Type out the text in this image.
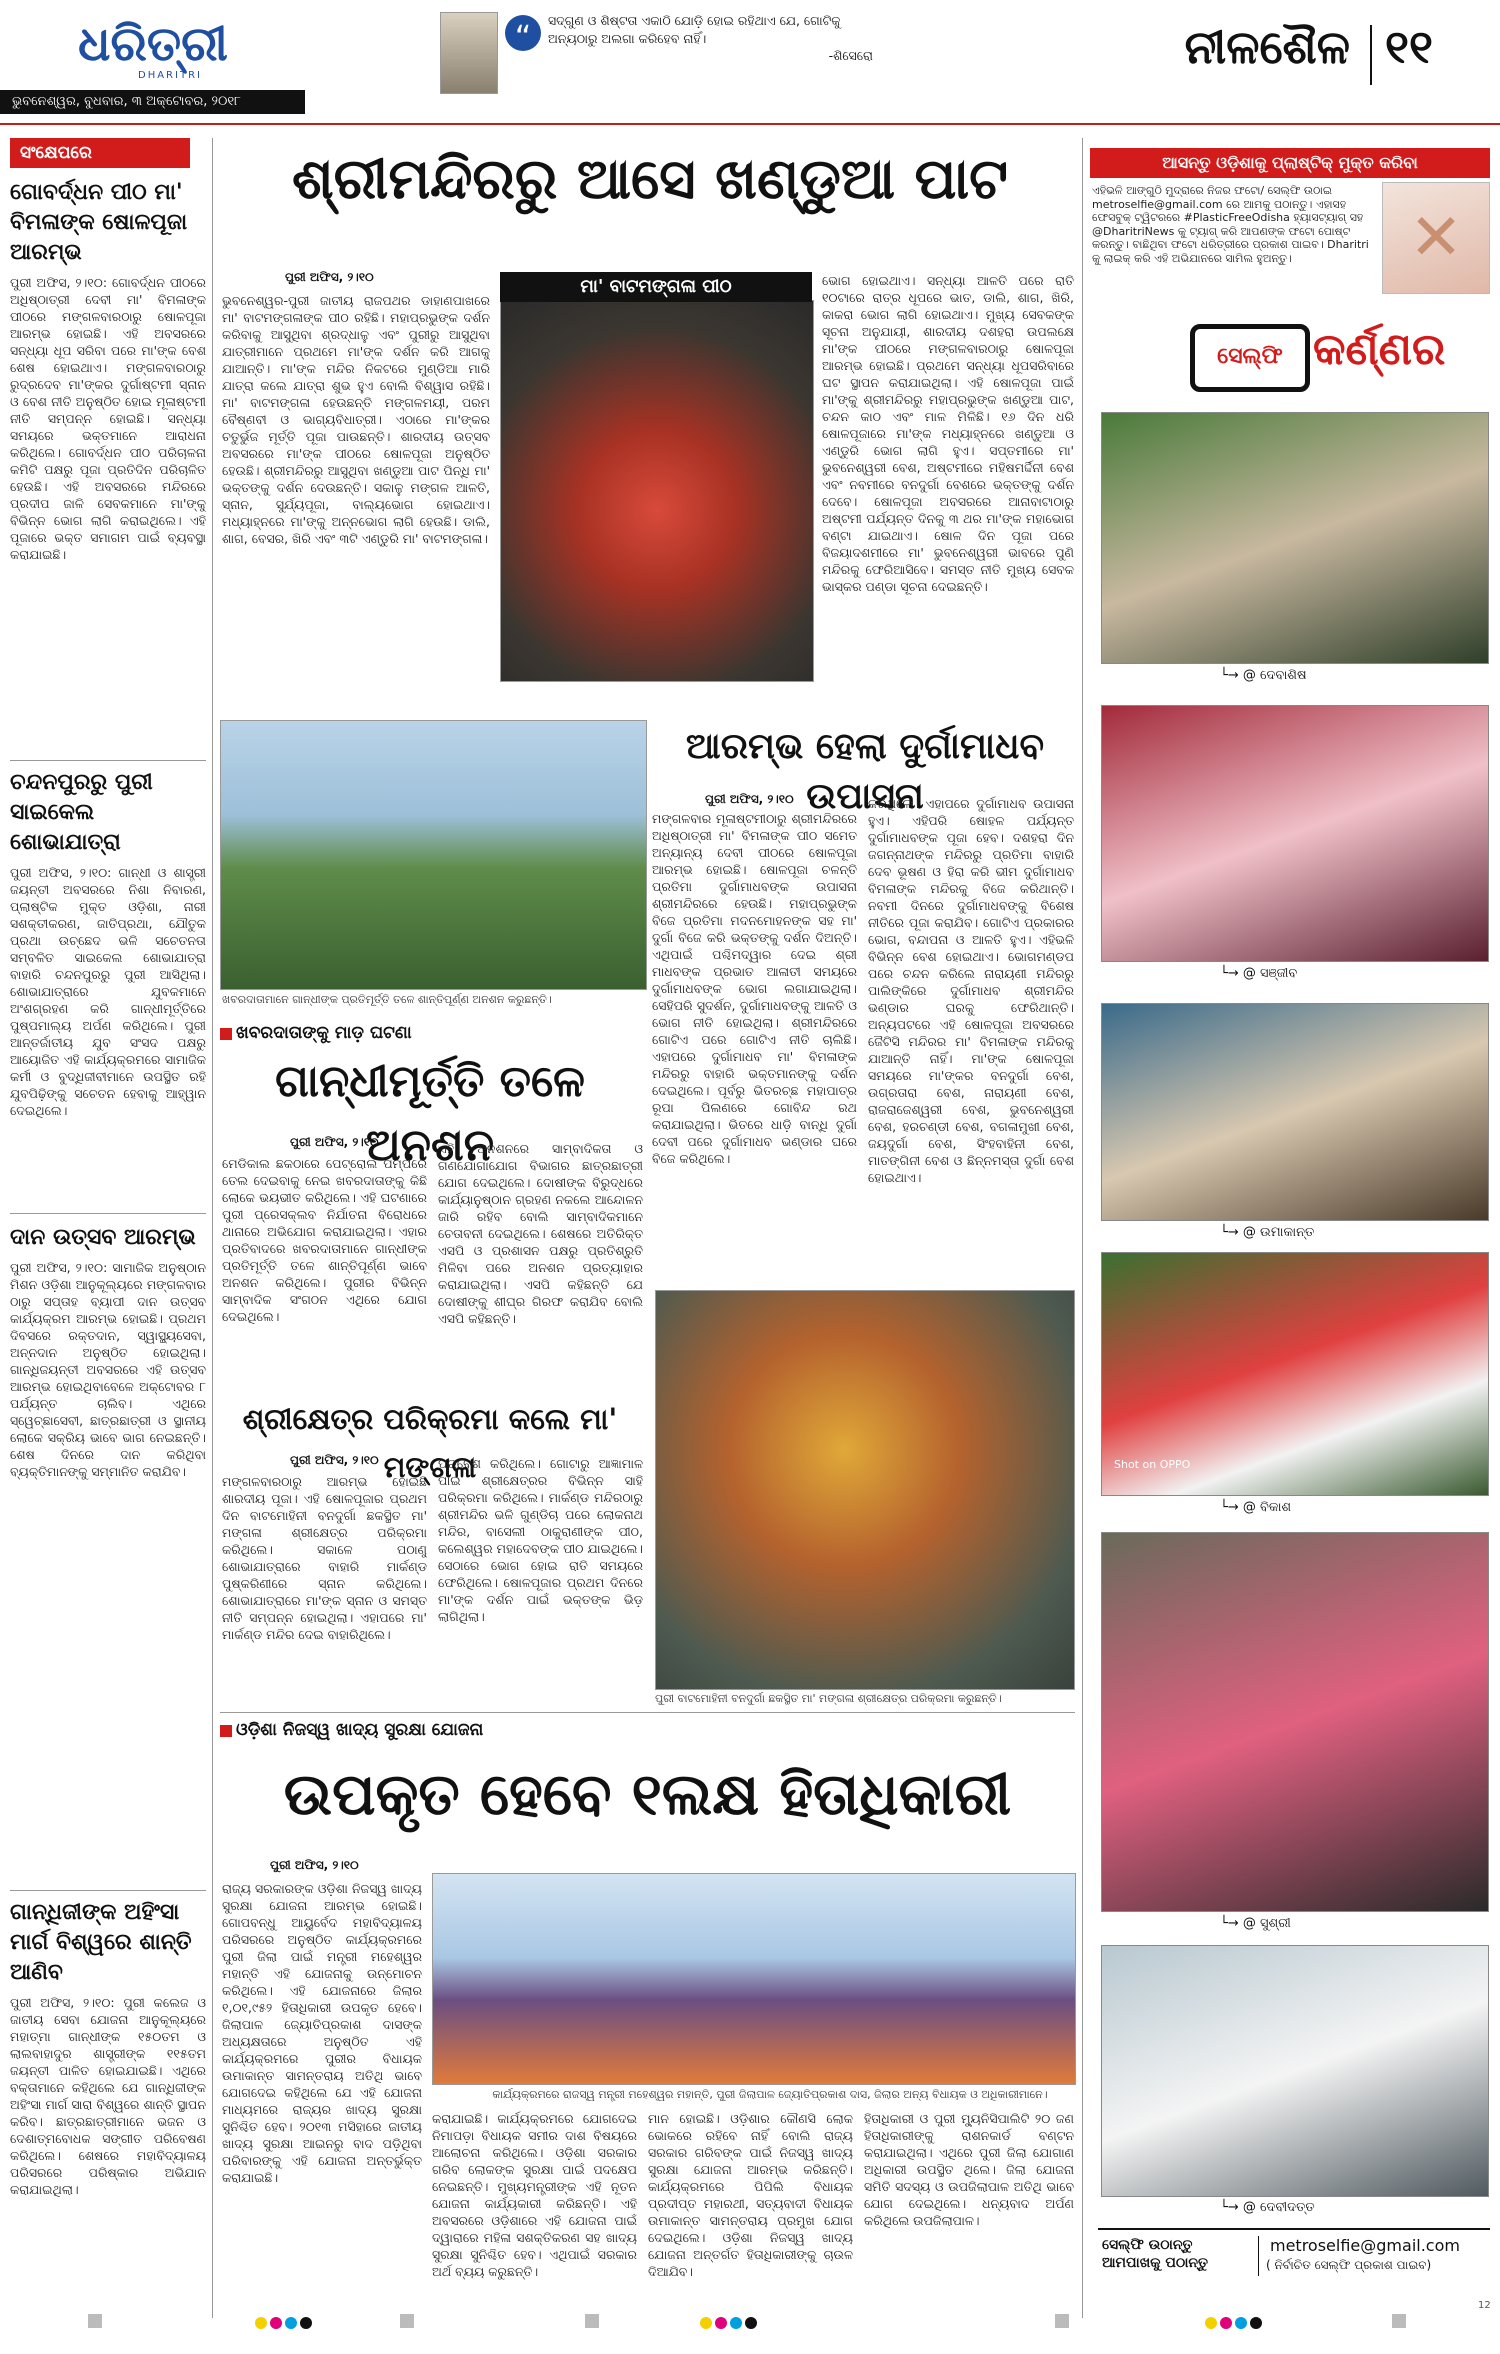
ଧରିତ୍ରୀ
DHARITRI
ଭୁବନେଶ୍ୱର, ବୁଧବାର, ୩ ଅକ୍ଟୋବର, ୨୦୧୮
“	ସଦ୍‌ଗୁଣ ଓ ଶିଷ୍ଟତା ଏକାଠି ଯୋଡ଼ି ହୋଇ ରହିଥାଏ ଯେ, ଗୋଟିକୁ ଅନ୍ୟଠାରୁ ଅଲଗା କରିହେବ ନାହିଁ।
-ଶିସେରୋ	ନୀଳଶୈଳ ୧୧
ସଂକ୍ଷେପରେ
ଗୋବର୍ଦ୍ଧନ ପୀଠ ମା' ବିମଳାଙ୍କ ଷୋଳପୂଜା ଆରମ୍ଭ
ପୁରୀ ଅଫିସ, ୨।୧୦: ଗୋବର୍ଦ୍ଧନ ପୀଠରେ ଅଧିଷ୍ଠାତ୍ରୀ ଦେବୀ ମା' ବିମଳାଙ୍କ ପୀଠରେ ମଙ୍ଗଳବାରଠାରୁ ଷୋଳପୂଜା ଆରମ୍ଭ ହୋଇଛି। ଏହି ଅବସରରେ ସନ୍ଧ୍ୟା ଧୂପ ସରିବା ପରେ ମା'ଙ୍କ ବେଶ ଶେଷ ହୋଇଥାଏ। ମଙ୍ଗଳବାରଠାରୁ ରୁଦ୍ରଦେବ ମା'ଙ୍କର ଦୁର୍ଗାଷ୍ଟମୀ ସ୍ନାନ ଓ ବେଶ ନୀତି ଅନୁଷ୍ଠିତ ହୋଇ ମୂଳାଷ୍ଟମୀ ନୀତି ସମ୍ପନ୍ନ ହୋଇଛି। ସନ୍ଧ୍ୟା ସମୟରେ ଭକ୍ତମାନେ ଆରାଧନା କରିଥିଲେ। ଗୋବର୍ଦ୍ଧନ ପୀଠ ପରିଚାଳନା କମିଟି ପକ୍ଷରୁ ପୂଜା ପ୍ରତିଦିନ ପରିଚାଳିତ ହେଉଛି। ଏହି ଅବସରରେ ମନ୍ଦିରରେ ପ୍ରଦୀପ ଜାଳି ସେବକମାନେ ମା'ଙ୍କୁ ବିଭିନ୍ନ ଭୋଗ ଲାଗି କରାଇଥିଲେ। ଏହି ପୂଜାରେ ଭକ୍ତ ସମାଗମ ପାଇଁ ବ୍ୟବସ୍ଥା କରାଯାଇଛି।
ଚନ୍ଦନପୁରରୁ ପୁରୀ ସାଇକେଲ ଶୋଭାଯାତ୍ରା
ପୁରୀ ଅଫିସ, ୨।୧୦: ଗାନ୍ଧୀ ଓ ଶାସ୍ତ୍ରୀ ଜୟନ୍ତୀ ଅବସରରେ ନିଶା ନିବାରଣ, ପ୍ଲାଷ୍ଟିକ ମୁକ୍ତ ଓଡ଼ିଶା, ନାରୀ ସଶକ୍ତୀକରଣ, ଜାତିପ୍ରଥା, ଯୌତୁକ ପ୍ରଥା ଉଚ୍ଛେଦ ଭଳି ସଚେତନତା ସମ୍ବଳିତ ସାଇକେଲ ଶୋଭାଯାତ୍ରା ବାହାରି ଚନ୍ଦନପୁରରୁ ପୁରୀ ଆସିଥିଲା। ଶୋଭାଯାତ୍ରାରେ ଯୁବକମାନେ ଅଂଶଗ୍ରହଣ କରି ଗାନ୍ଧୀମୂର୍ତ୍ତିରେ ପୁଷ୍ପମାଲ୍ୟ ଅର୍ପଣ କରିଥିଲେ। ପୁରୀ ଆନ୍ତର୍ଜାତୀୟ ଯୁବ ସଂସଦ ପକ୍ଷରୁ ଆୟୋଜିତ ଏହି କାର୍ଯ୍ୟକ୍ରମରେ ସାମାଜିକ କର୍ମୀ ଓ ବୁଦ୍ଧିଜୀବୀମାନେ ଉପସ୍ଥିତ ରହି ଯୁବପିଢ଼ିଙ୍କୁ ସଚେତନ ହେବାକୁ ଆହ୍ୱାନ ଦେଇଥିଲେ।
ଦାନ ଉତ୍ସବ ଆରମ୍ଭ
ପୁରୀ ଅଫିସ, ୨।୧୦: ସାମାଜିକ ଅନୁଷ୍ଠାନ ମିଶନ ଓଡ଼ିଶା ଆନୁକୂଲ୍ୟରେ ମଙ୍ଗଳବାର ଠାରୁ ସପ୍ତାହ ବ୍ୟାପୀ ଦାନ ଉତ୍ସବ କାର୍ଯ୍ୟକ୍ରମ ଆରମ୍ଭ ହୋଇଛି। ପ୍ରଥମ ଦିବସରେ ରକ୍ତଦାନ, ସ୍ୱାସ୍ଥ୍ୟସେବା, ଅନ୍ନଦାନ ଅନୁଷ୍ଠିତ ହୋଇଥିଲା। ଗାନ୍ଧିଜୟନ୍ତୀ ଅବସରରେ ଏହି ଉତ୍ସବ ଆରମ୍ଭ ହୋଇଥିବାବେଳେ ଅକ୍ଟୋବର ୮ ପର୍ଯ୍ୟନ୍ତ ଚାଲିବ। ଏଥିରେ ସ୍ୱେଚ୍ଛାସେବୀ, ଛାତ୍ରଛାତ୍ରୀ ଓ ସ୍ଥାନୀୟ ଲୋକେ ସକ୍ରିୟ ଭାବେ ଭାଗ ନେଇଛନ୍ତି। ଶେଷ ଦିନରେ ଦାନ କରିଥିବା ବ୍ୟକ୍ତିମାନଙ୍କୁ ସମ୍ମାନିତ କରାଯିବ।
ଗାନ୍ଧିଜୀଙ୍କ ଅହିଂସା ମାର୍ଗ ବିଶ୍ୱରେ ଶାନ୍ତି ଆଣିବ
ପୁରୀ ଅଫିସ, ୨।୧୦: ପୁରୀ କଲେଜ ଓ ଜାତୀୟ ସେବା ଯୋଜନା ଆନୁକୂଲ୍ୟରେ ମହାତ୍ମା ଗାନ୍ଧୀଙ୍କ ୧୫୦ତମ ଓ ଲାଲବାହାଦୁର ଶାସ୍ତ୍ରୀଙ୍କ ୧୧୫ତମ ଜୟନ୍ତୀ ପାଳିତ ହୋଇଯାଇଛି। ଏଥିରେ ବକ୍ତାମାନେ କହିଥିଲେ ଯେ ଗାନ୍ଧିଜୀଙ୍କ ଅହିଂସା ମାର୍ଗ ସାରା ବିଶ୍ୱରେ ଶାନ୍ତି ସ୍ଥାପନ କରିବ। ଛାତ୍ରଛାତ୍ରୀମାନେ ଭଜନ ଓ ଦେଶାତ୍ମବୋଧକ ସଙ୍ଗୀତ ପରିବେଷଣ କରିଥିଲେ। ଶେଷରେ ମହାବିଦ୍ୟାଳୟ ପରିସରରେ ପରିଷ୍କାର ଅଭିଯାନ କରାଯାଇଥିଲା।
ଶ୍ରୀମନ୍ଦିରରୁ ଆସେ ଖଣ୍ଡୁଆ ପାଟ
ପୁରୀ ଅଫିସ, ୨।୧୦
ଭୁବନେଶ୍ୱର-ପୁରୀ ଜାତୀୟ ରାଜପଥର ଡାହାଣପାଖରେ ମା' ବାଟମଙ୍ଗଳାଙ୍କ ପୀଠ ରହିଛି। ମହାପ୍ରଭୁଙ୍କ ଦର୍ଶନ କରିବାକୁ ଆସୁଥିବା ଶ୍ରଦ୍ଧାଳୁ ଏବଂ ପୁରୀରୁ ଆସୁଥିବା ଯାତ୍ରୀମାନେ ପ୍ରଥମେ ମା'ଙ୍କ ଦର୍ଶନ କରି ଆଗକୁ ଯାଆନ୍ତି। ମା'ଙ୍କ ମନ୍ଦିର ନିକଟରେ ମୁଣ୍ଡିଆ ମାରି ଯାତ୍ରା କଲେ ଯାତ୍ରା ଶୁଭ ହୁଏ ବୋଲି ବିଶ୍ୱାସ ରହିଛି। ମା' ବାଟମଙ୍ଗଳା ହେଉଛନ୍ତି ମଙ୍ଗଳମୟୀ, ପରମ ବୈଷ୍ଣବୀ ଓ ଭାଗ୍ୟବିଧାତ୍ରୀ। ଏଠାରେ ମା'ଙ୍କର ଚତୁର୍ଭୁଜ ମୂର୍ତ୍ତି ପୂଜା ପାଉଛନ୍ତି। ଶାରଦୀୟ ଉତ୍ସବ ଅବସରରେ ମା'ଙ୍କ ପୀଠରେ ଷୋଳପୂଜା ଅନୁଷ୍ଠିତ ହେଉଛି। ଶ୍ରୀମନ୍ଦିରରୁ ଆସୁଥିବା ଖଣ୍ଡୁଆ ପାଟ ପିନ୍ଧି ମା' ଭକ୍ତଙ୍କୁ ଦର୍ଶନ ଦେଉଛନ୍ତି। ସକାଳୁ ମଙ୍ଗଳ ଆଳତି, ସ୍ନାନ, ସୁର୍ଯ୍ୟପୂଜା, ବାଲ୍ୟଭୋଗ ହୋଇଥାଏ। ମଧ୍ୟାହ୍ନରେ ମା'ଙ୍କୁ ଅନ୍ନଭୋଗ ଲାଗି ହେଉଛି। ଡାଲି, ଶାଗ, ବେସର, ଖିରି ଏବଂ ୩ଟି ଏଣ୍ଡୁରି ମା' ବାଟମଙ୍ଗଳା।
ମା' ବାଟମଙ୍ଗଳା ପୀଠ	ଭୋଗ ହୋଇଥାଏ। ସନ୍ଧ୍ୟା ଆଳତି ପରେ ରାତି ୧୦ଟାରେ ରାତ୍ର ଧୂପରେ ଭାତ, ଡାଲି, ଶାଗ, ଖିରି, କାକରା ଭୋଗ ଲାଗି ହୋଇଥାଏ। ମୁଖ୍ୟ ସେବକଙ୍କ ସୂଚନା ଅନୁଯାୟୀ, ଶାରଦୀୟ ଦଶହରା ଉପଲକ୍ଷେ ମା'ଙ୍କ ପୀଠରେ ମଙ୍ଗଳବାରଠାରୁ ଷୋଳପୂଜା ଆରମ୍ଭ ହୋଇଛି। ପ୍ରଥମେ ସନ୍ଧ୍ୟା ଧୂପସରିବାରେ ଘଟ ସ୍ଥାପନ କରାଯାଇଥିଲା। ଏହି ଷୋଳପୂଜା ପାଇଁ ମା'ଙ୍କୁ ଶ୍ରୀମନ୍ଦିରରୁ ମହାପ୍ରଭୁଙ୍କ ଖଣ୍ଡୁଆ ପାଟ, ଚନ୍ଦନ କାଠ ଏବଂ ମାଳ ମିଳିଛି। ୧୬ ଦିନ ଧରି ଷୋଳପୂଜାରେ ମା'ଙ୍କ ମଧ୍ୟାହ୍ନରେ ଖଣ୍ଡୁଆ ଓ ଏଣ୍ଡୁରି ଭୋଗ ଲାଗି ହୁଏ। ସପ୍ତମୀରେ ମା' ଭୁବନେଶ୍ୱରୀ ବେଶ, ଅଷ୍ଟମୀରେ ମହିଷମର୍ଦ୍ଦିନୀ ବେଶ ଏବଂ ନବମୀରେ ବନଦୁର୍ଗା ବେଶରେ ଭକ୍ତଙ୍କୁ ଦର୍ଶନ ଦେବେ। ଷୋଳପୂଜା ଅବସରରେ ଆନାବାଟାଠାରୁ ଅଷ୍ଟମୀ ପର୍ଯ୍ୟନ୍ତ ଦିନକୁ ୩ ଥର ମା'ଙ୍କ ମହାଭୋଗ ବଣ୍ଟା ଯାଇଥାଏ। ଷୋଳ ଦିନ ପୂଜା ପରେ ବିଜୟାଦଶମୀରେ ମା' ଭୁବନେଶ୍ୱରୀ ଭାବରେ ପୁଣି ମନ୍ଦିରକୁ ଫେରିଆସିବେ। ସମସ୍ତ ନୀତି ମୁଖ୍ୟ ସେବକ ଭାସ୍କର ପଣ୍ଡା ସୂଚନା ଦେଇଛନ୍ତି।
ଖବରଦାତାମାନେ ଗାନ୍ଧୀଙ୍କ ପ୍ରତିମୂର୍ତ୍ତି ତଳେ ଶାନ୍ତିପୂର୍ଣ୍ଣ ଅନଶନ କରୁଛନ୍ତି।
ଆରମ୍ଭ ହେଲା ଦୁର୍ଗାମାଧବ ଉପାସନା
ପୁରୀ ଅଫିସ, ୨।୧୦
ମଙ୍ଗଳବାର ମୂଳାଷ୍ଟମୀଠାରୁ ଶ୍ରୀମନ୍ଦିରରେ ଅଧିଷ୍ଠାତ୍ରୀ ମା' ବିମଳାଙ୍କ ପୀଠ ସମେତ ଅନ୍ୟାନ୍ୟ ଦେବୀ ପୀଠରେ ଷୋଳପୂଜା ଆରମ୍ଭ ହୋଇଛି। ଷୋଳପୂଜା ଚଳନ୍ତି ପ୍ରତିମା ଦୁର୍ଗାମାଧବଙ୍କ ଉପାସନା ଶ୍ରୀମନ୍ଦିରରେ ହେଉଛି। ମହାପ୍ରଭୁଙ୍କ ବିଜେ ପ୍ରତିମା ମଦନମୋହନଙ୍କ ସହ ମା' ଦୁର୍ଗା ବିଜେ କରି ଭକ୍ତଙ୍କୁ ଦର୍ଶନ ଦିଅନ୍ତି। ଏଥିପାଇଁ ପଶ୍ଚିମଦ୍ୱାର ଦେଇ ଶ୍ରୀ ମାଧବଙ୍କ ପ୍ରଭାତ ଆଳାତୀ ସମୟରେ ଦୁର୍ଗାମାଧବଙ୍କ ଭୋଗ ଲଗାଯାଇଥିଲା। ସେହିପରି ସୁଦର୍ଶନ, ଦୁର୍ଗାମାଧବଙ୍କୁ ଆଳତି ଓ ଭୋଗ ନୀତି ହୋଇଥିଲା। ଶ୍ରୀମନ୍ଦିରରେ ଗୋଟିଏ ପରେ ଗୋଟିଏ ନୀତି ଚାଲିଛି। ଏହାପରେ ଦୁର୍ଗାମାଧବ ମା' ବିମଳାଙ୍କ ମନ୍ଦିରରୁ ବାହାରି ଭକ୍ତମାନଙ୍କୁ ଦର୍ଶନ ଦେଇଥିଲେ। ପୂର୍ବରୁ ଭିତରଚ୍ଛ ମହାପାତ୍ର ରୂପା ପିଲଣରେ ଗୋବିନ୍ଦ ରଥ କରାଯାଇଥିଲା। ଭିତରେ ଧାଡ଼ି ବାନ୍ଧି ଦୁର୍ଗା ଦେବୀ ପରେ ଦୁର୍ଗାମାଧବ ଭଣ୍ଡାର ଘରେ ବିଜେ କରିଥିଲେ।
କରିଥିଲେ। ଏହାପରେ ଦୁର୍ଗାମାଧବ ଉପାସନା ହୁଏ। ଏହିପରି ଷୋହଳ ପର୍ଯ୍ୟନ୍ତ ଦୁର୍ଗାମାଧବଙ୍କ ପୂଜା ହେବ। ଦଶହରା ଦିନ ଜଗନ୍ନାଥଙ୍କ ମନ୍ଦିରରୁ ପ୍ରତିମା ବାହାରି ଦେବ ଭୂଷଣ ଓ ହିରା କରି ଭୀମ ଦୁର୍ଗାମାଧବ ବିମଳାଙ୍କ ମନ୍ଦିରକୁ ବିଜେ କରିଥାନ୍ତି। ନବମୀ ଦିନରେ ଦୁର୍ଗାମାଧବଙ୍କୁ ବିଶେଷ ନୀତିରେ ପୂଜା କରାଯିବ। ଗୋଟିଏ ପ୍ରକାରର ଭୋଗ, ବନ୍ଦାପନା ଓ ଆଳତି ହୁଏ। ଏହିଭଳି ବିଭିନ୍ନ ବେଶ ହୋଇଥାଏ। ଭୋଗମଣ୍ଡପ ପରେ ଚନ୍ଦନ କରିଲେ ନାରାୟଣୀ ମନ୍ଦିରରୁ ପାଲିଙ୍କିରେ ଦୁର୍ଗାମାଧବ ଶ୍ରୀମନ୍ଦିର ଭଣ୍ଡାର ଘରକୁ ଫେରିଥାନ୍ତି। ଅନ୍ୟପଟରେ ଏହି ଷୋଳପୂଜା ଅବସରରେ ଜୈଟିସି ମନ୍ଦିରର ମା' ବିମଳାଙ୍କ ମନ୍ଦିରକୁ ଯାଆନ୍ତି ନାହିଁ। ମା'ଙ୍କ ଷୋଳପୂଜା ସମୟରେ ମା'ଙ୍କର ବନଦୁର୍ଗା ବେଶ, ଉଗ୍ରତାରା ବେଶ, ନାରାୟଣୀ ବେଶ, ରାଜରାଜେଶ୍ୱରୀ ବେଶ, ଭୁବନେଶ୍ୱରୀ ବେଶ, ହରଚଣ୍ଡୀ ବେଶ, ବଗଳାମୁଖୀ ବେଶ, ଜୟଦୁର୍ଗା ବେଶ, ସିଂହବାହିନୀ ବେଶ, ମାତଙ୍ଗିନୀ ବେଶ ଓ ଛିନ୍ନମସ୍ତା ଦୁର୍ଗା ବେଶ ହୋଇଥାଏ।
ଖବରଦାତାଙ୍କୁ ମାଡ଼ ଘଟଣା
ଗାନ୍ଧୀମୂର୍ତ୍ତି ତଳେ ଅନଶନ
ପୁରୀ ଅଫିସ, ୨।୧୦
ମେଡିକାଲ ଛକଠାରେ ପେଟ୍ରୋଲ ପମ୍ପରେ ତେଲ ଦେଇବାକୁ ନେଇ ଖବରଦାତାଙ୍କୁ କିଛି ଲୋକେ ଭୟଭୀତ କରିଥିଲେ। ଏହି ଘଟଣାରେ ପୁରୀ ପ୍ରେସକ୍ଲବ ନିର୍ଯାତନା ବିରୋଧରେ ଥାନାରେ ଅଭିଯୋଗ କରାଯାଇଥିଲା। ଏହାର ପ୍ରତିବାଦରେ ଖବରଦାତାମାନେ ଗାନ୍ଧୀଙ୍କ ପ୍ରତିମୂର୍ତ୍ତି ତଳେ ଶାନ୍ତିପୂର୍ଣ୍ଣ ଭାବେ ଅନଶନ କରିଥିଲେ। ପୁରୀର ବିଭିନ୍ନ ସାମ୍ବାଦିକ ସଂଗଠନ ଏଥିରେ ଯୋଗ ଦେଇଥିଲେ।
ଏହି ଅନଶନରେ ସାମ୍ବାଦିକତା ଓ ଗଣଯୋଗାଯୋଗ ବିଭାଗର ଛାତ୍ରଛାତ୍ରୀ ଯୋଗ ଦେଇଥିଲେ। ଦୋଷୀଙ୍କ ବିରୁଦ୍ଧରେ କାର୍ଯ୍ୟାନୁଷ୍ଠାନ ଗ୍ରହଣ ନକଲେ ଆନ୍ଦୋଳନ ଜାରି ରହିବ ବୋଲି ସାମ୍ବାଦିକମାନେ ଚେତାବନୀ ଦେଇଥିଲେ। ଶେଷରେ ଅତିରିକ୍ତ ଏସପି ଓ ପ୍ରଶାସନ ପକ୍ଷରୁ ପ୍ରତିଶ୍ରୁତି ମିଳିବା ପରେ ଅନଶନ ପ୍ରତ୍ୟାହାର କରାଯାଇଥିଲା। ଏସପି କହିଛନ୍ତି ଯେ ଦୋଷୀଙ୍କୁ ଶୀଘ୍ର ଗିରଫ କରାଯିବ ବୋଲି ଏସପି କହିଛନ୍ତି।
ଶ୍ରୀକ୍ଷେତ୍ର ପରିକ୍ରମା କଲେ ମା' ମଙ୍ଗଳା
ପୁରୀ ଅଫିସ, ୨।୧୦
ମଙ୍ଗଳବାରଠାରୁ ଆରମ୍ଭ ହୋଇଛି ଶାରଦୀୟ ପୂଜା। ଏହି ଷୋଳପୂଜାର ପ୍ରଥମ ଦିନ ବାଟମୋହିନୀ ବନଦୁର୍ଗା ଛକସ୍ଥିତ ମା' ମଙ୍ଗଳା ଶ୍ରୀକ୍ଷେତ୍ର ପରିକ୍ରମା କରିଥିଲେ। ସକାଳେ ପଠାଣୁ ଶୋଭାଯାତ୍ରାରେ ବାହାରି ମାର୍କଣ୍ଡ ପୁଷ୍କରିଣୀରେ ସ୍ନାନ କରିଥିଲେ। ଶୋଭାଯାତ୍ରାରେ ମା'ଙ୍କ ସ୍ନାନ ଓ ସମସ୍ତ ନୀତି ସମ୍ପନ୍ନ ହୋଇଥିଲା। ଏହାପରେ ମା' ମାର୍କଣ୍ଡ ମନ୍ଦିର ଦେଇ ବାହାରିଥିଲେ।
ପ୍ରବେଶ କରିଥିଲେ। ଗୋଟାରୁ ଆଜ୍ଞାମାଳ ପାଇ ଶ୍ରୀକ୍ଷେତ୍ରର ବିଭିନ୍ନ ସାହି ପରିକ୍ରମା କରିଥିଲେ। ମାର୍କଣ୍ଡ ମନ୍ଦିରଠାରୁ ଶ୍ରୀମନ୍ଦିର ଭଳି ଗୁଣ୍ଡିଚା ପରେ ଲୋକନାଥ ମନ୍ଦିର, ବାସେଲୀ ଠାକୁରାଣୀଙ୍କ ପୀଠ, କଲେଶ୍ୱର ମହାଦେବଙ୍କ ପୀଠ ଯାଇଥିଲେ। ସେଠାରେ ଭୋଗ ହୋଇ ରାତି ସମୟରେ ଫେରିଥିଲେ। ଷୋଳପୂଜାର ପ୍ରଥମ ଦିନରେ ମା'ଙ୍କ ଦର୍ଶନ ପାଇଁ ଭକ୍ତଙ୍କ ଭିଡ଼ ଲାଗିଥିଲା।
ପୁରୀ ବାଟମୋହିନୀ ବନଦୁର୍ଗା ଛକସ୍ଥିତ ମା' ମଙ୍ଗଳା ଶ୍ରୀକ୍ଷେତ୍ର ପରିକ୍ରମା କରୁଛନ୍ତି।
ଓଡ଼ିଶା ନିଜସ୍ୱ ଖାଦ୍ୟ ସୁରକ୍ଷା ଯୋଜନା
ଉପକୃତ ହେବେ ୧ଲକ୍ଷ ହିତାଧିକାରୀ
ପୁରୀ ଅଫିସ, ୨।୧୦
ରାଜ୍ୟ ସରକାରଙ୍କ ଓଡ଼ିଶା ନିଜସ୍ୱ ଖାଦ୍ୟ ସୁରକ୍ଷା ଯୋଜନା ଆରମ୍ଭ ହୋଇଛି। ଗୋପବନ୍ଧୁ ଆୟୁର୍ବେଦ ମହାବିଦ୍ୟାଳୟ ପରିସରରେ ଅନୁଷ୍ଠିତ କାର୍ଯ୍ୟକ୍ରମରେ ପୁରୀ ଜିଲା ପାଇଁ ମନ୍ତ୍ରୀ ମହେଶ୍ୱର ମହାନ୍ତି ଏହି ଯୋଜନାକୁ ଉନ୍ମୋଚନ କରିଥିଲେ। ଏହି ଯୋଜନାରେ ଜିଲାର ୧,୦୧,୯୫୨ ହିତାଧିକାରୀ ଉପକୃତ ହେବେ। ଜିଲାପାଳ ଜ୍ୟୋତିପ୍ରକାଶ ଦାସଙ୍କ ଅଧ୍ୟକ୍ଷତାରେ ଅନୁଷ୍ଠିତ ଏହି କାର୍ଯ୍ୟକ୍ରମରେ ପୁରୀର ବିଧାୟକ ଉମାକାନ୍ତ ସାମନ୍ତରାୟ ଅତିଥି ଭାବେ ଯୋଗଦେଇ କହିଥିଲେ ଯେ ଏହି ଯୋଜନା ମାଧ୍ୟମରେ ରାଜ୍ୟର ଖାଦ୍ୟ ସୁରକ୍ଷା ସୁନିଶ୍ଚିତ ହେବ। ୨୦୧୩ ମସିହାରେ ଜାତୀୟ ଖାଦ୍ୟ ସୁରକ୍ଷା ଆଇନରୁ ବାଦ ପଡ଼ିଥିବା ପରିବାରଙ୍କୁ ଏହି ଯୋଜନା ଅନ୍ତର୍ଭୁକ୍ତ କରାଯାଇଛି।
କାର୍ଯ୍ୟକ୍ରମରେ ରାଜସ୍ୱ ମନ୍ତ୍ରୀ ମହେଶ୍ୱର ମହାନ୍ତି, ପୁରୀ ଜିଲାପାଳ ଜ୍ୟୋତିପ୍ରକାଶ ଦାସ, ଜିଲାର ଅନ୍ୟ ବିଧାୟକ ଓ ଅଧିକାରୀମାନେ।
କରାଯାଇଛି। କାର୍ଯ୍ୟକ୍ରମରେ ଯୋଗଦେଇ ନିମାପଡ଼ା ବିଧାୟକ ସମୀର ଦାଶ ବିଷୟରେ ଆଲୋଚନା କରିଥିଲେ। ଓଡ଼ିଶା ସରକାର ଗରିବ ଲୋକଙ୍କ ସୁରକ୍ଷା ପାଇଁ ପଦକ୍ଷେପ ନେଇଛନ୍ତି। ମୁଖ୍ୟମନ୍ତ୍ରୀଙ୍କ ଏହି ନୂତନ ଯୋଜନା କାର୍ଯ୍ୟକାରୀ କରିଛନ୍ତି। ଏହି ଅବସରରେ ଓଡ଼ିଶାରେ ଏହି ଯୋଜନା ପାଇଁ ଦ୍ୱାରାରେ ମହିଳା ସଶକ୍ତିକରଣ ସହ ଖାଦ୍ୟ ସୁରକ୍ଷା ସୁନିଶ୍ଚିତ ହେବ। ଏଥିପାଇଁ ସରକାର ଅର୍ଥ ବ୍ୟୟ କରୁଛନ୍ତି।
ମାନ ହୋଇଛି। ଓଡ଼ିଶାର କୌଣସି ଲୋକ ଭୋକରେ ରହିବେ ନାହିଁ ବୋଲି ରାଜ୍ୟ ସରକାର ଗରିବଙ୍କ ପାଇଁ ନିଜସ୍ୱ ଖାଦ୍ୟ ସୁରକ୍ଷା ଯୋଜନା ଆରମ୍ଭ କରିଛନ୍ତି। କାର୍ଯ୍ୟକ୍ରମରେ ପିପିଲି ବିଧାୟକ ପ୍ରଦୀପ୍ତ ମହାରଥୀ, ସତ୍ୟବାଦୀ ବିଧାୟକ ଉମାକାନ୍ତ ସାମନ୍ତରାୟ ପ୍ରମୁଖ ଯୋଗ ଦେଇଥିଲେ। ଓଡ଼ିଶା ନିଜସ୍ୱ ଖାଦ୍ୟ ଯୋଜନା ଅନ୍ତର୍ଗତ ହିତାଧିକାରୀଙ୍କୁ ଚାଉଳ ଦିଆଯିବ।
ହିତାଧିକାରୀ ଓ ପୁରୀ ମ୍ୟୁନିସିପାଲିଟି ୨୦ ଜଣ ହିତାଧିକାରୀଙ୍କୁ ରାଶନକାର୍ଡ ବଣ୍ଟନ କରାଯାଇଥିଲା। ଏଥିରେ ପୁରୀ ଜିଲା ଯୋଗାଣ ଅଧିକାରୀ ଉପସ୍ଥିତ ଥିଲେ। ଜିଲା ଯୋଜନା ସମିତି ସଦସ୍ୟ ଓ ଉପଜିଲାପାଳ ଅତିଥି ଭାବେ ଯୋଗ ଦେଇଥିଲେ। ଧନ୍ୟବାଦ ଅର୍ପଣ କରିଥିଲେ ଉପଜିଲାପାଳ।
ଆସନ୍ତୁ ଓଡ଼ିଶାକୁ ପ୍ଲାଷ୍ଟିକ୍ ମୁକ୍ତ କରିବା
ଏହିଭଳି ଆଙ୍ଗୁଠି ମୁଦ୍ରାରେ ନିଜର ଫଟୋ/ ସେଲ୍‌ଫି ଉଠାଇ metroselfie@gmail.com ରେ ଆମକୁ ପଠାନ୍ତୁ। ଏହାସହ ଫେସବୁକ୍ ଟ୍ୱିଟରରେ #PlasticFreeOdisha ହ୍ୟାସଟ୍ୟାଗ୍ ସହ @DharitriNews କୁ ଟ୍ୟାଗ୍ କରି ଆପଣଙ୍କ ଫଟୋ ପୋଷ୍ଟ କରନ୍ତୁ। ବାଛିଥିବା ଫଟୋ ଧରିତ୍ରୀରେ ପ୍ରକାଶ ପାଇବ। Dharitri କୁ ଲାଇକ୍ କରି ଏହି ଅଭିଯାନରେ ସାମିଲ ହୁଅନ୍ତୁ।	✕
ସେଲ୍‌ଫି କର୍ଣ୍ଣର
└→ @ ଦେବାଶିଷ
└→ @ ସଞ୍ଜୀବ
└→ @ ଉମାକାନ୍ତ
Shot on OPPO
└→ @ ବିକାଶ
└→ @ ସୁଶ୍ରୀ
└→ @ ଦେବୀଦତ୍ତ
ସେଲ୍‌ଫି ଉଠାନ୍ତୁ ଆମପାଖକୁ ପଠାନ୍ତୁ
metroselfie@gmail.com
( ନିର୍ବାଚିତ ସେଲ୍‌ଫି ପ୍ରକାଶ ପାଇବ)
12
